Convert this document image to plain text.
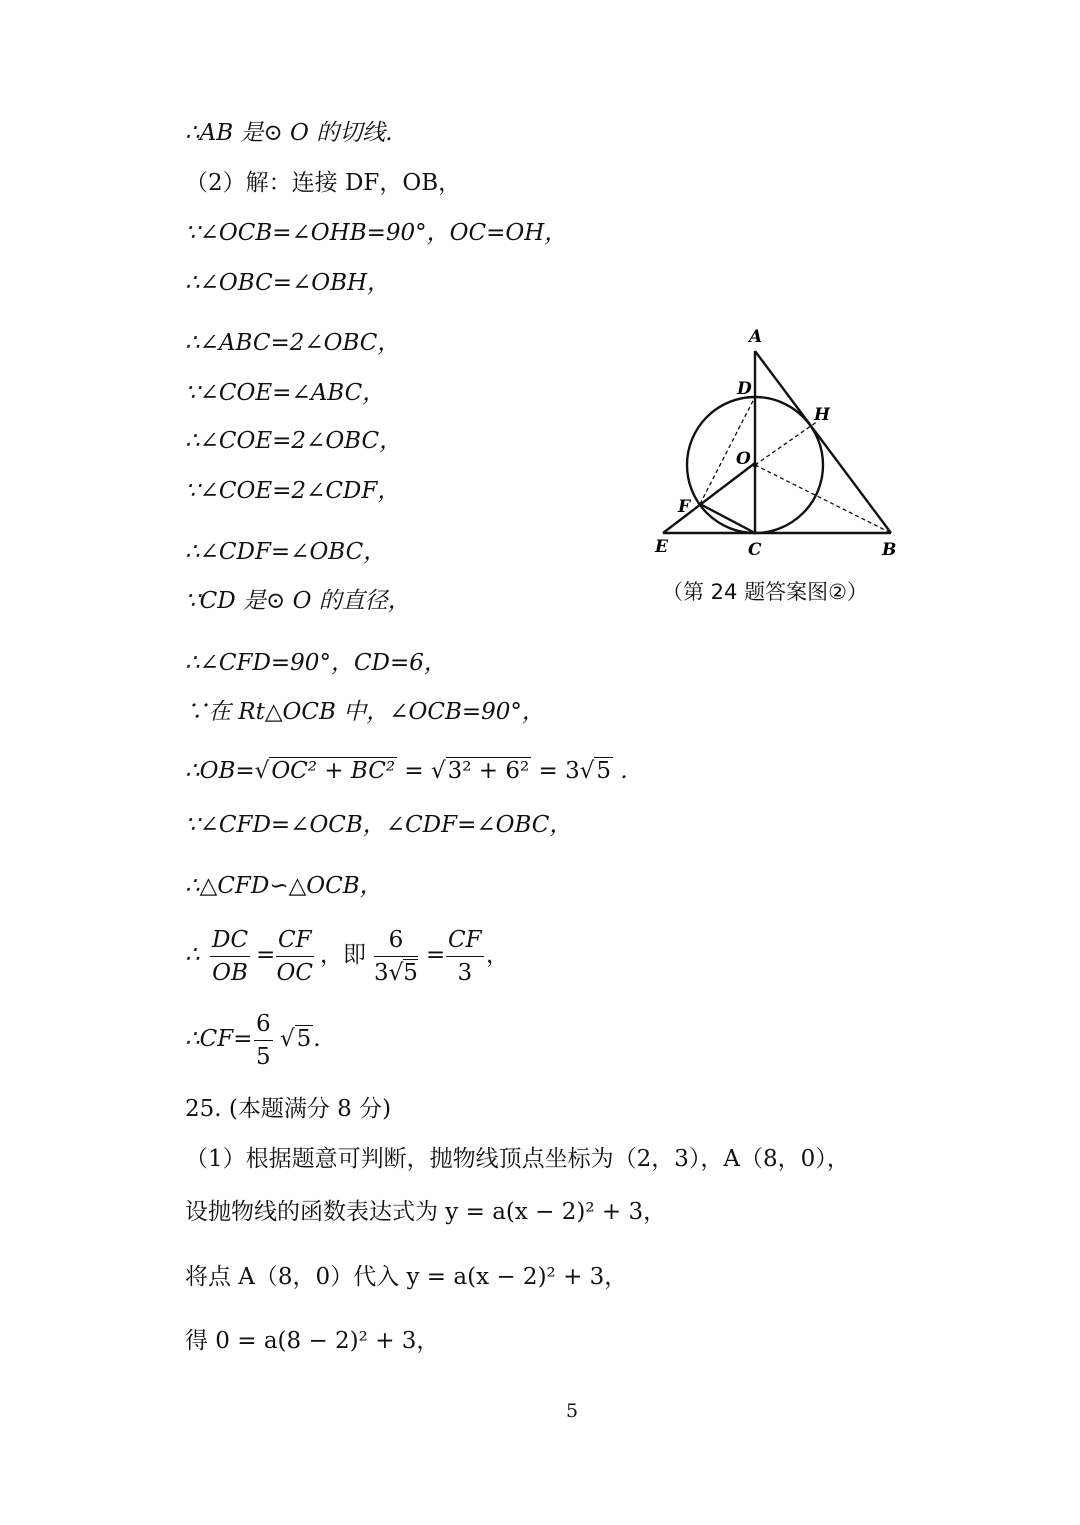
∴AB 是⊙ O 的切线.
（2）解：连接 DF，OB，
∵∠OCB=∠OHB=90°，OC=OH，
∴∠OBC=∠OBH，
∴∠ABC=2∠OBC，
∵∠COE=∠ABC，
∴∠COE=2∠OBC，
∵∠COE=2∠CDF，
∴∠CDF=∠OBC，
∵CD 是⊙ O 的直径，
∴∠CFD=90°，CD=6，
∵在 Rt△OCB 中，∠OCB=90°，
∴OB=√OC² + BC² = √3² + 6² = 3√5 .
∵∠CFD=∠OCB，∠CDF=∠OBC，
∴△CFD∽△OCB，
∴ $\frac{DC}{OB} = \frac{CF}{OC}$ ，即 $\frac{6}{3√5} = \frac{CF}{3}$ ，
∴CF= $\frac{6}{5} √5$.
25. (本题满分 8 分)
（1）根据题意可判断，抛物线顶点坐标为（2，3），A（8，0），
设抛物线的函数表达式为 y = a(x − 2)² + 3，
将点 A（8，0）代入 y = a(x − 2)² + 3，
得 0 = a(8 − 2)² + 3，
A
D
H
O
F
E	C	B
（第 24 题答案图②）
5
